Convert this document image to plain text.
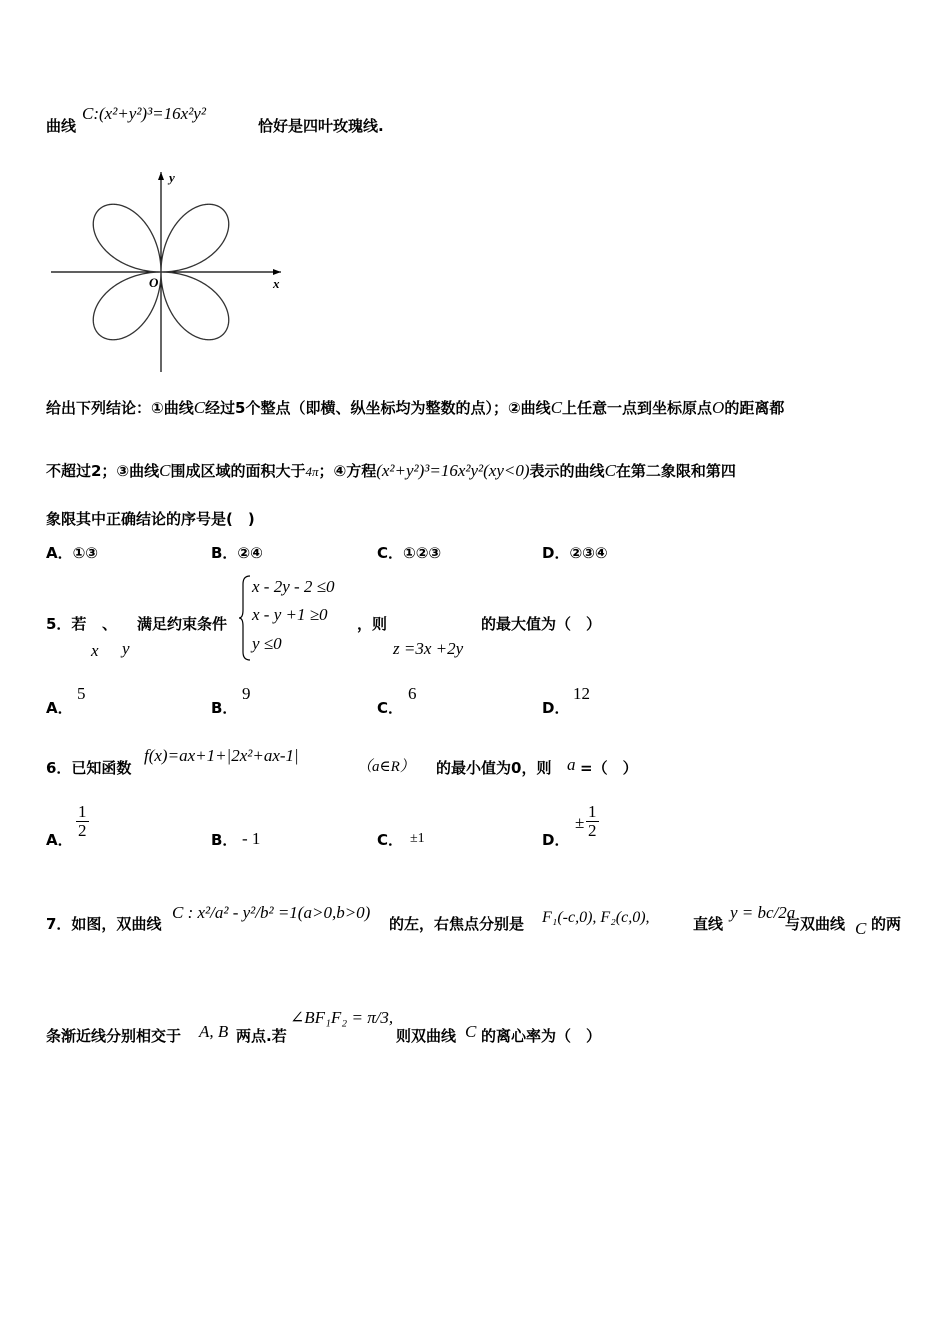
曲线
C:(x²+y²)³=16x²y²
恰好是四叶玫瑰线.
y
x
O
给出下列结论：①曲线C经过5个整点（即横、纵坐标均为整数的点）；②曲线C上任意一点到坐标原点O的距离都
不超过2；③曲线C围成区域的面积大于4π；④方程(x²+y²)³=16x²y²(xy<0)表示的曲线C在第二象限和第四
象限其中正确结论的序号是(　)
A．①③	B．②④	C．①②③	D．②③④
5．若 、
x y
满足约束条件
x - 2y - 2 ≤0
x - y +1 ≥0
y ≤0
，则
z =3x +2y
的最大值为（　）
A．
5
B．
9
C．
6
D．
12
6．已知函数
f(x)=ax+1+|2x²+ax-1|
（a∈R） 的最小值为0，则 a =（　）
A． $\frac{1}{2}$	B． - 1	C． ±1	D．
± $\frac{1}{2}$
7．如图，双曲线
C : x²/a² - y²/b² =1(a>0,b>0)
的左，右焦点分别是 F₁(-c,0), F₂(c,0),	直线
y = bc/2a
与双曲线 C 的两
条渐近线分别相交于 A, B 两点.若
∠BF₁F₂ = π/3,
则双曲线 C 的离心率为（　）
